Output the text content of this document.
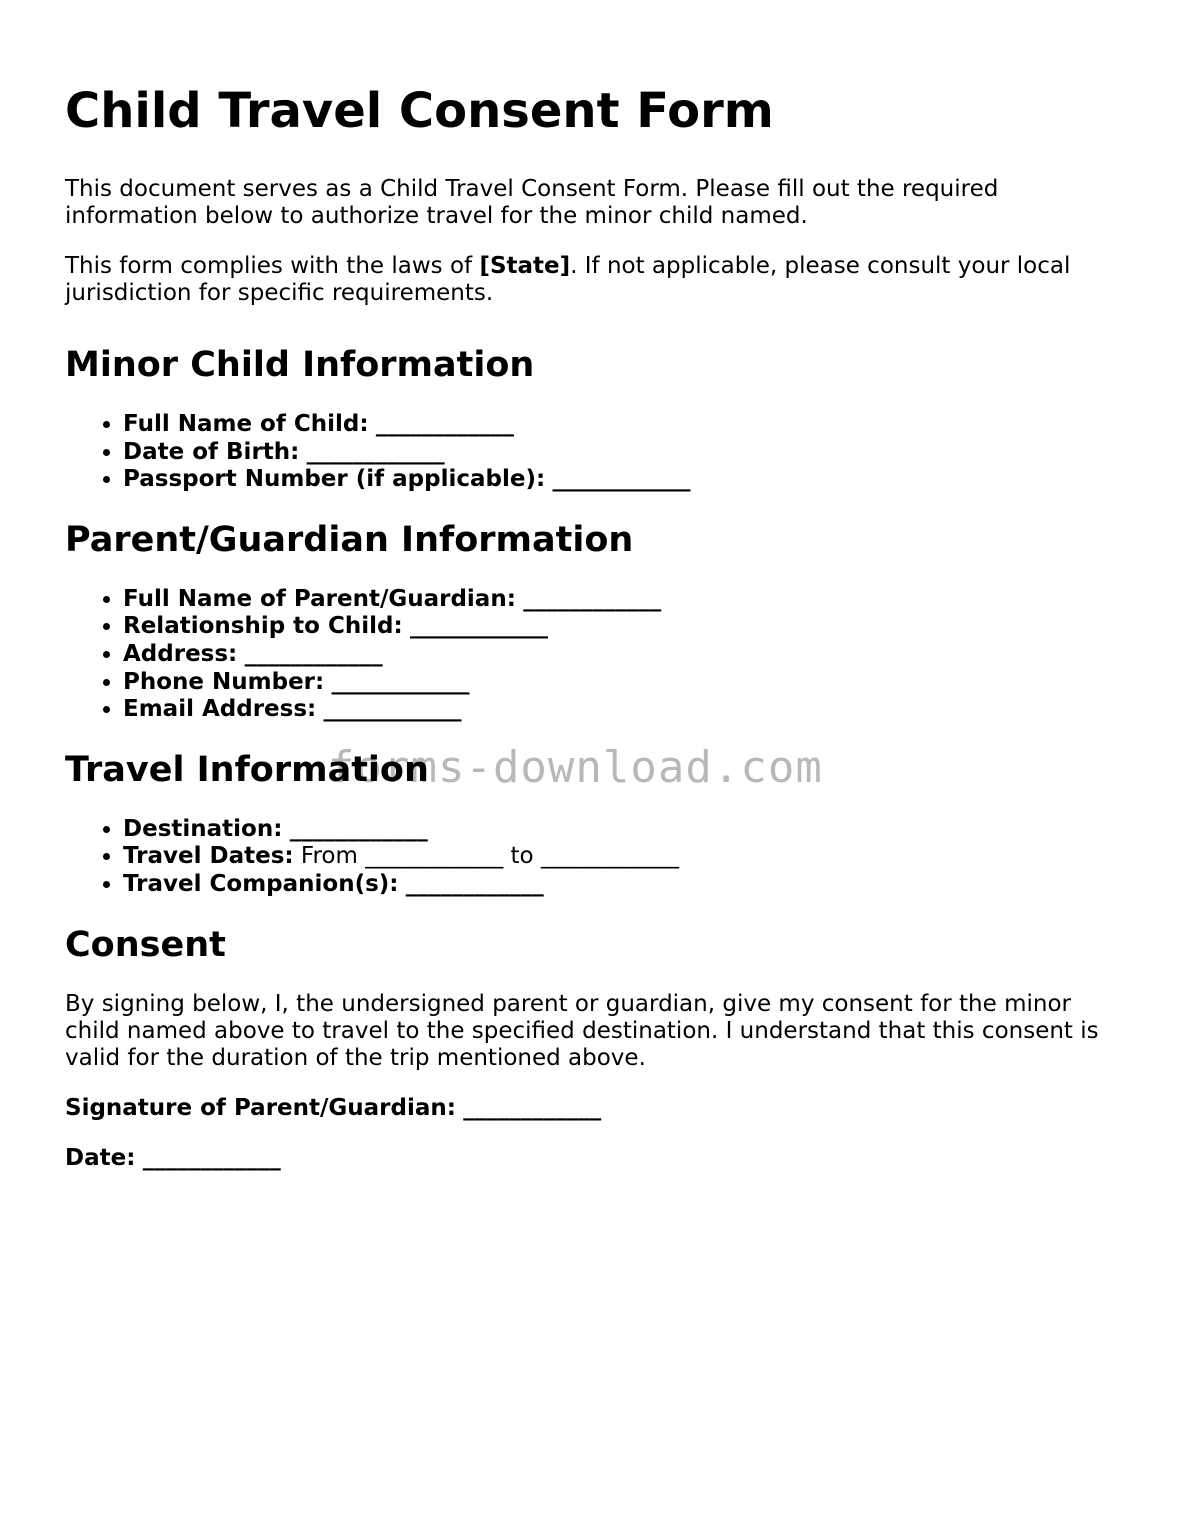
Child Travel Consent Form

This document serves as a Child Travel Consent Form. Please fill out the required information below to authorize travel for the minor child named.

This form complies with the laws of [State]. If not applicable, please consult your local jurisdiction for specific requirements.

Minor Child Information
• Full Name of Child: ____________
• Date of Birth: ____________
• Passport Number (if applicable): ____________
Parent/Guardian Information
• Full Name of Parent/Guardian: ____________
• Relationship to Child: ____________
• Address: ____________
• Phone Number: ____________
• Email Address: ____________
Travel Information
• Destination: ____________
• Travel Dates: From ____________ to ____________
• Travel Companion(s): ____________
Consent

By signing below, I, the undersigned parent or guardian, give my consent for the minor child named above to travel to the specified destination. I understand that this consent is valid for the duration of the trip mentioned above.

Signature of Parent/Guardian: ____________

Date: ____________

forms-download.com
